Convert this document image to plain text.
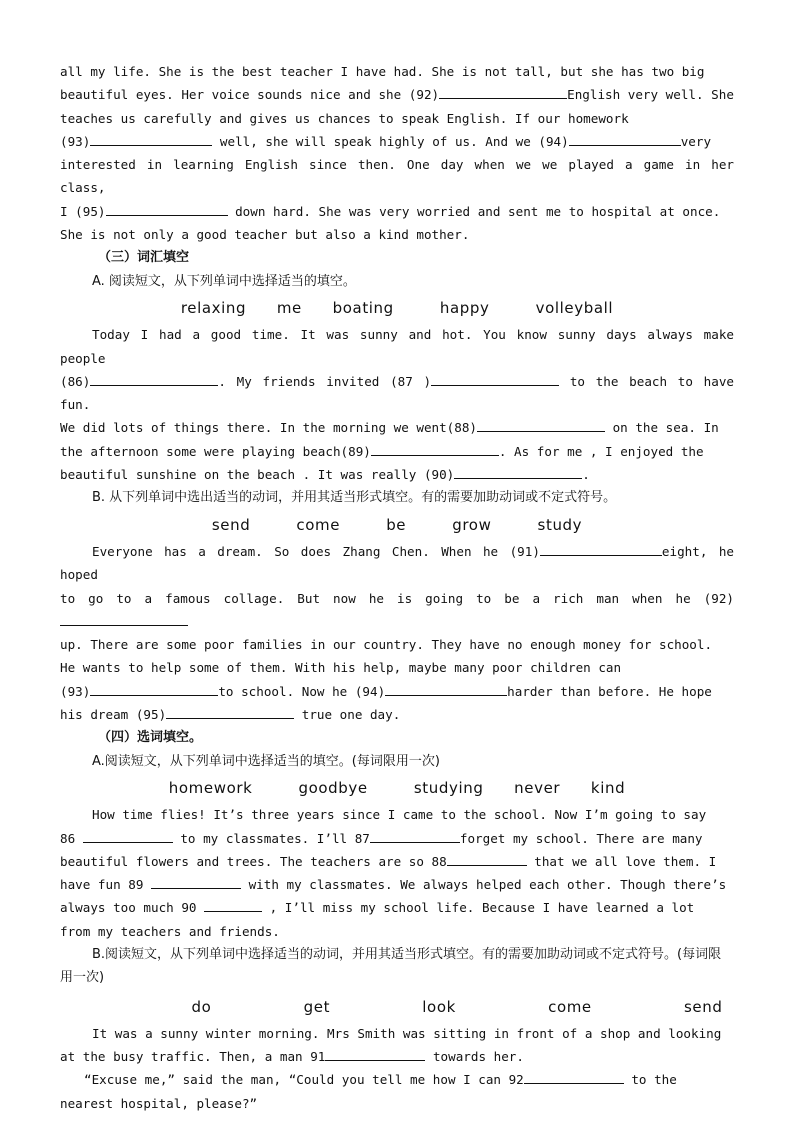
all my life. She is the best teacher I have had. She is not tall, but she has two big

beautiful eyes. Her voice sounds nice and she (92)	English very well. She

teaches us carefully and gives us chances to speak English. If our homework

(93)	well, she will speak highly of us. And we (94)	very

interested in learning English since then. One day when we we played a game in her class,

I (95)	down hard. She was very worried and sent me to hospital at once.

She is not only a good teacher but also a kind mother.

（三）词汇填空

A. 阅读短文，从下列单词中选择适当的填空。

relaxing  me  boating   happy   volleyball

Today I had a good time. It was sunny and hot. You know sunny days always make people

(86)	. My friends invited (87 )	to the beach to have fun.

We did lots of things there. In the morning we went(88)	on the sea. In

the afternoon some were playing beach(89)	. As for me , I enjoyed the

beautiful sunshine on the beach . It was really (90)	.

B. 从下列单词中选出适当的动词，并用其适当形式填空。有的需要加助动词或不定式符号。

send   come   be   grow   study

Everyone has a dream. So does Zhang Chen. When he (91)	eight, he hoped

to go to a famous collage. But now he is going to be a rich man when he (92)

up. There are some poor families in our country. They have no enough money for school.

He wants to help some of them. With his help, maybe many poor children can

(93)	to school. Now he (94)	harder than before. He hope

his dream (95)	true one day.

（四）选词填空。

A.阅读短文，从下列单词中选择适当的填空。(每词限用一次)

homework   goodbye   studying  never  kind

How time flies! It’s three years since I came to the school. Now I’m going to say

86	to my classmates. I’ll 87	forget my school. There are many

beautiful flowers and trees. The teachers are so 88	that we all love them. I

have fun 89	with my classmates. We always helped each other. Though there’s

always too much 90	, I’ll miss my school life. Because I have learned a lot

from my teachers and friends.

B.阅读短文，从下列单词中选择适当的动词，并用其适当形式填空。有的需要加助动词或不定式符号。(每词限用一次)

do      get      look      come      send

It was a sunny winter morning. Mrs Smith was sitting in front of a shop and looking

at the busy traffic. Then, a man 91	towards her.

“Excuse me,” said the man, “Could you tell me how I can 92	to the

nearest hospital, please?”
